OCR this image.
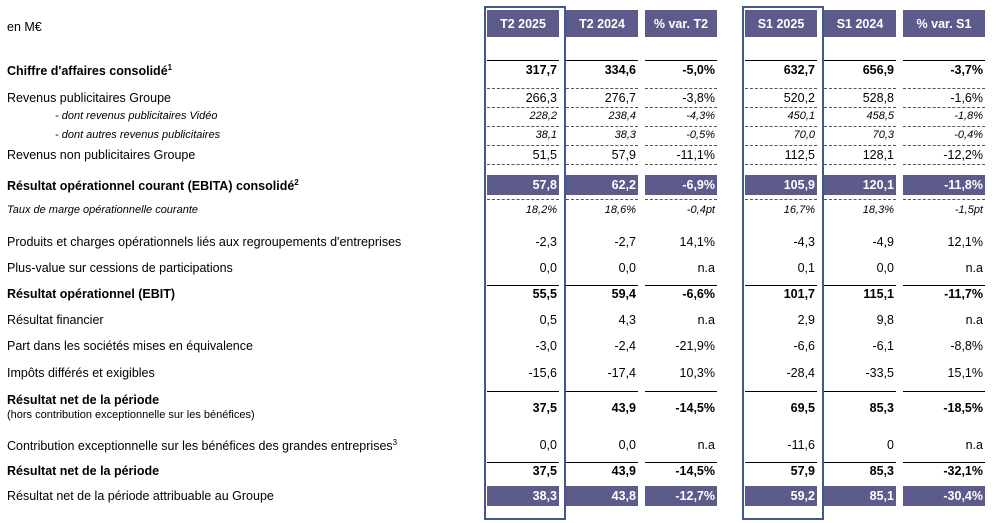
en M€	T2 2025	T2 2024	% var. T2	S1 2025	S1 2024	% var. S1
Chiffre d'affaires consolidé$^1$	317,7	334,6	-5,0%	632,7	656,9	-3,7%
Revenus publicitaires Groupe	266,3	276,7	-3,8%	520,2	528,8	-1,6%
- dont revenus publicitaires Vidéo	228,2	238,4	-4,3%	450,1	458,5	-1,8%
- dont autres revenus publicitaires	38,1	38,3	-0,5%	70,0	70,3	-0,4%
Revenus non publicitaires Groupe	51,5	57,9	-11,1%	112,5	128,1	-12,2%
Résultat opérationnel courant (EBITA) consolidé$^2$	57,8	62,2	-6,9%	105,9	120,1	-11,8%
Taux de marge opérationnelle courante	18,2%	18,6%	-0,4pt	16,7%	18,3%	-1,5pt
Produits et charges opérationnels liés aux regroupements d'entreprises	-2,3	-2,7	14,1%	-4,3	-4,9	12,1%
Plus-value sur cessions de participations	0,0	0,0	n.a	0,1	0,0	n.a
Résultat opérationnel (EBIT)	55,5	59,4	-6,6%	101,7	115,1	-11,7%
Résultat financier	0,5	4,3	n.a	2,9	9,8	n.a
Part dans les sociétés mises en équivalence	-3,0	-2,4	-21,9%	-6,6	-6,1	-8,8%
Impôts différés et exigibles	-15,6	-17,4	10,3%	-28,4	-33,5	15,1%
Résultat net de la période
(hors contribution exceptionnelle sur les bénéfices)	37,5	43,9	-14,5%	69,5	85,3	-18,5%
Contribution exceptionnelle sur les bénéfices des grandes entreprises$^3$	0,0	0,0	n.a	-11,6	0	n.a
Résultat net de la période	37,5	43,9	-14,5%	57,9	85,3	-32,1%
Résultat net de la période attribuable au Groupe	38,3	43,8	-12,7%	59,2	85,1	-30,4%
